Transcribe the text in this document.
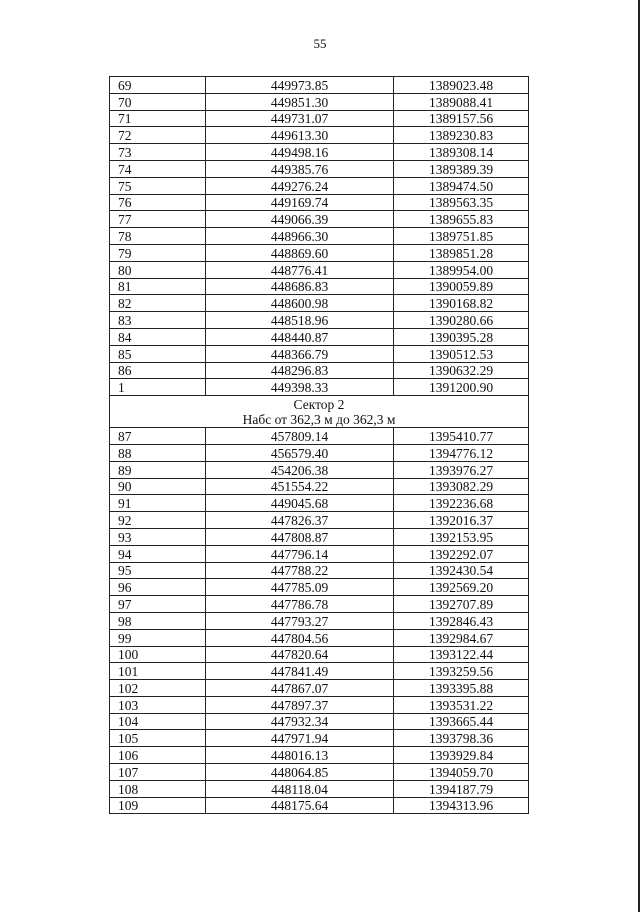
55
69	449973.85	1389023.48
70	449851.30	1389088.41
71	449731.07	1389157.56
72	449613.30	1389230.83
73	449498.16	1389308.14
74	449385.76	1389389.39
75	449276.24	1389474.50
76	449169.74	1389563.35
77	449066.39	1389655.83
78	448966.30	1389751.85
79	448869.60	1389851.28
80	448776.41	1389954.00
81	448686.83	1390059.89
82	448600.98	1390168.82
83	448518.96	1390280.66
84	448440.87	1390395.28
85	448366.79	1390512.53
86	448296.83	1390632.29
1	449398.33	1391200.90

Сектор 2
Набс от 362,3 м до 362,3 м		

87	457809.14	1395410.77
88	456579.40	1394776.12
89	454206.38	1393976.27
90	451554.22	1393082.29
91	449045.68	1392236.68
92	447826.37	1392016.37
93	447808.87	1392153.95
94	447796.14	1392292.07
95	447788.22	1392430.54
96	447785.09	1392569.20
97	447786.78	1392707.89
98	447793.27	1392846.43
99	447804.56	1392984.67
100	447820.64	1393122.44
101	447841.49	1393259.56
102	447867.07	1393395.88
103	447897.37	1393531.22
104	447932.34	1393665.44
105	447971.94	1393798.36
106	448016.13	1393929.84
107	448064.85	1394059.70
108	448118.04	1394187.79
109	448175.64	1394313.96
